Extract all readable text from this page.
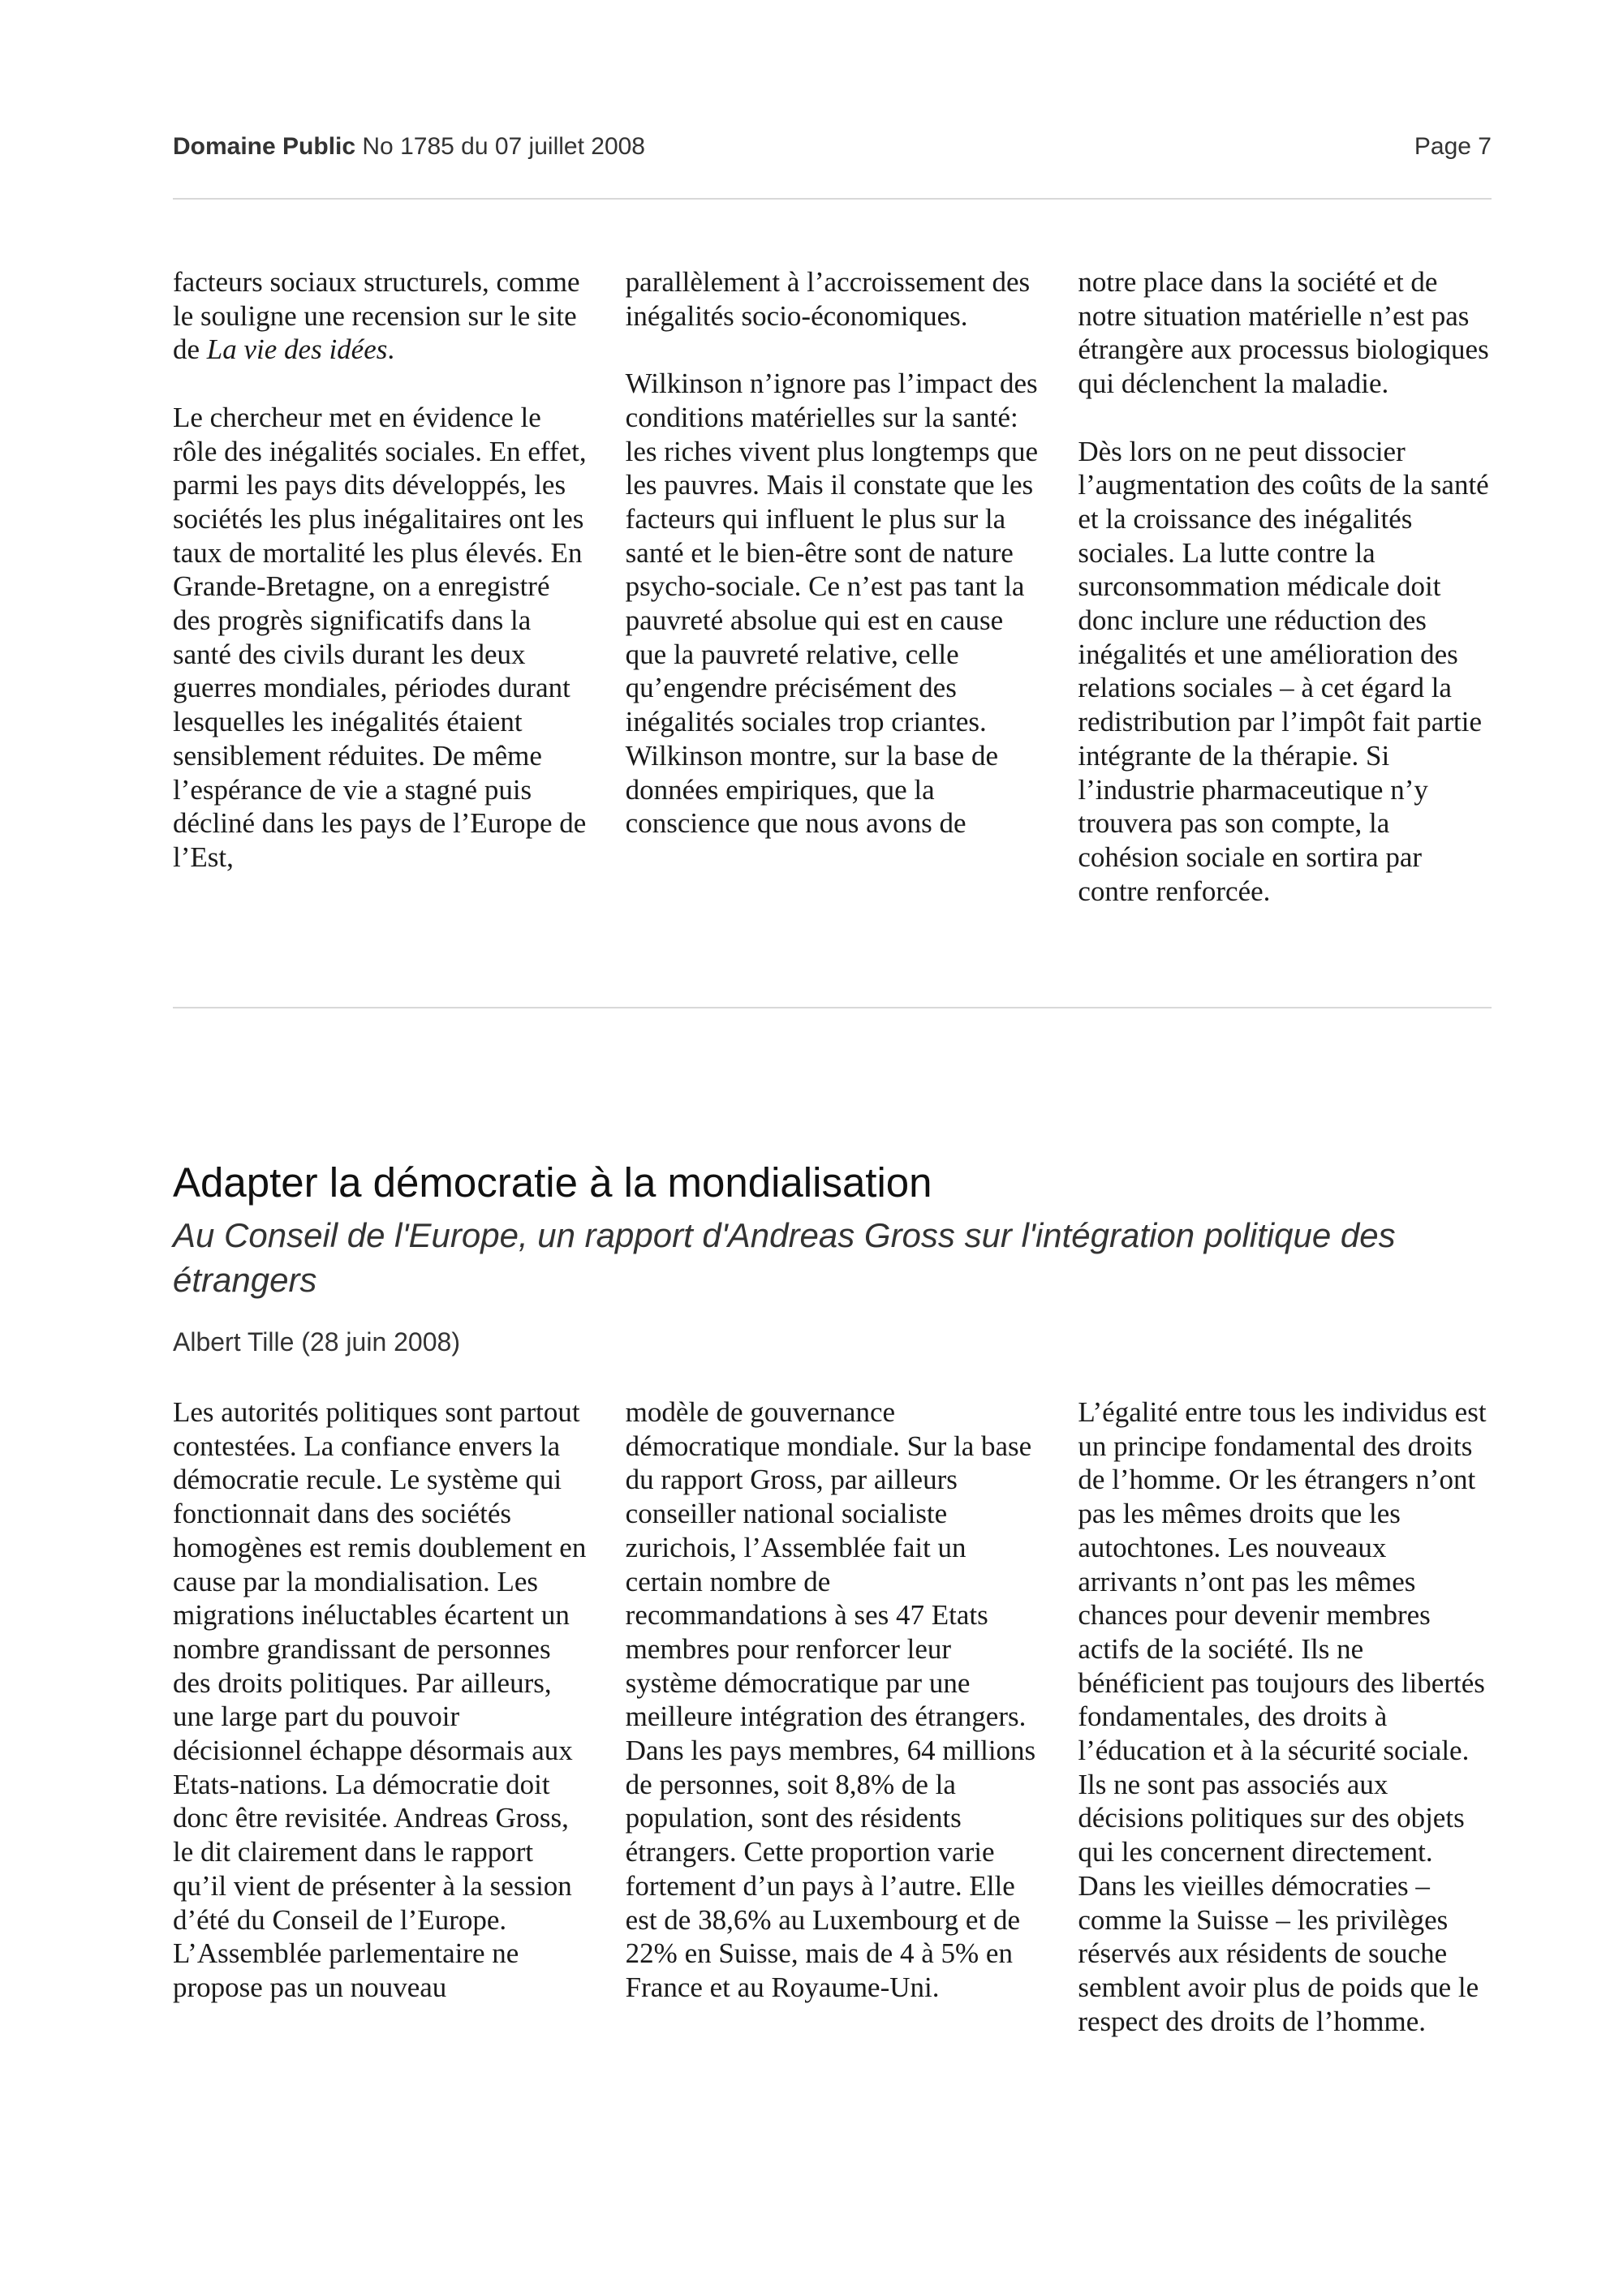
Domaine Public No 1785 du 07 juillet 2008	Page 7

facteurs sociaux structurels, comme le souligne une recension sur le site de La vie des idées.

Le chercheur met en évidence le rôle des inégalités sociales. En effet, parmi les pays dits développés, les sociétés les plus inégalitaires ont les taux de mortalité les plus élevés. En Grande-Bretagne, on a enregistré des progrès significatifs dans la santé des civils durant les deux guerres mondiales, périodes durant lesquelles les inégalités étaient sensiblement réduites. De même l’espérance de vie a stagné puis décliné dans les pays de l’Europe de l’Est,

parallèlement à l’accroissement des inégalités socio-économiques.

Wilkinson n’ignore pas l’impact des conditions matérielles sur la santé: les riches vivent plus longtemps que les pauvres. Mais il constate que les facteurs qui influent le plus sur la santé et le bien-être sont de nature psycho-sociale. Ce n’est pas tant la pauvreté absolue qui est en cause que la pauvreté relative, celle qu’engendre précisément des inégalités sociales trop criantes. Wilkinson montre, sur la base de données empiriques, que la conscience que nous avons de

notre place dans la société et de notre situation matérielle n’est pas étrangère aux processus biologiques qui déclenchent la maladie.

Dès lors on ne peut dissocier l’augmentation des coûts de la santé et la croissance des inégalités sociales. La lutte contre la surconsommation médicale doit donc inclure une réduction des inégalités et une amélioration des relations sociales – à cet égard la redistribution par l’impôt fait partie intégrante de la thérapie. Si l’industrie pharmaceutique n’y trouvera pas son compte, la cohésion sociale en sortira par contre renforcée.

Adapter la démocratie à la mondialisation

Au Conseil de l'Europe, un rapport d'Andreas Gross sur l'intégration politique des étrangers

Albert Tille (28 juin 2008)

Les autorités politiques sont partout contestées. La confiance envers la démocratie recule. Le système qui fonctionnait dans des sociétés homogènes est remis doublement en cause par la mondialisation. Les migrations inéluctables écartent un nombre grandissant de personnes des droits politiques. Par ailleurs, une large part du pouvoir décisionnel échappe désormais aux Etats-nations. La démocratie doit donc être revisitée. Andreas Gross, le dit clairement dans le rapport qu’il vient de présenter à la session d’été du Conseil de l’Europe. L’Assemblée parlementaire ne propose pas un nouveau

modèle de gouvernance démocratique mondiale. Sur la base du rapport Gross, par ailleurs conseiller national socialiste zurichois, l’Assemblée fait un certain nombre de recommandations à ses 47 Etats membres pour renforcer leur système démocratique par une meilleure intégration des étrangers. Dans les pays membres, 64 millions de personnes, soit 8,8% de la population, sont des résidents étrangers. Cette proportion varie fortement d’un pays à l’autre. Elle est de 38,6% au Luxembourg et de 22% en Suisse, mais de 4 à 5% en France et au Royaume-Uni.

L’égalité entre tous les individus est un principe fondamental des droits de l’homme. Or les étrangers n’ont pas les mêmes droits que les autochtones. Les nouveaux arrivants n’ont pas les mêmes chances pour devenir membres actifs de la société. Ils ne bénéficient pas toujours des libertés fondamentales, des droits à l’éducation et à la sécurité sociale. Ils ne sont pas associés aux décisions politiques sur des objets qui les concernent directement. Dans les vieilles démocraties – comme la Suisse – les privilèges réservés aux résidents de souche semblent avoir plus de poids que le respect des droits de l’homme.
